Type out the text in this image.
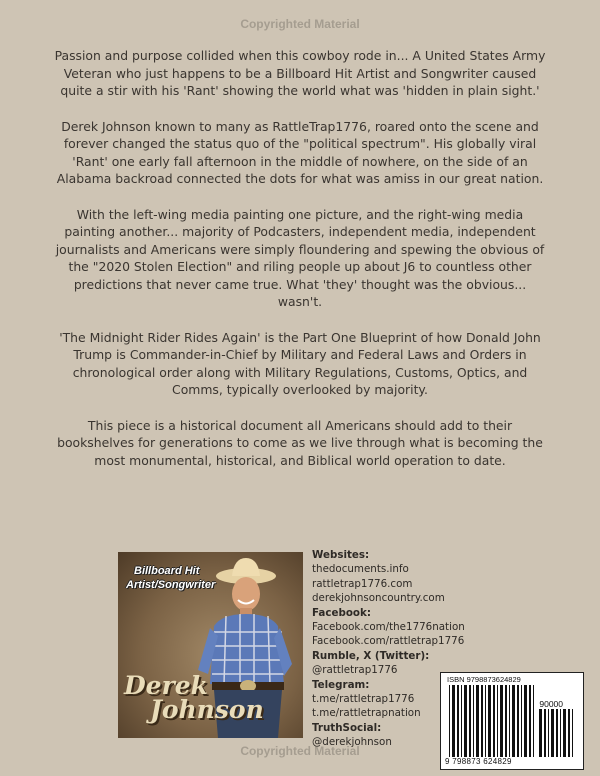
Copyrighted Material

Passion and purpose collided when this cowboy rode in... A United States Army Veteran who just happens to be a Billboard Hit Artist and Songwriter caused quite a stir with his 'Rant' showing the world what was 'hidden in plain sight.'

Derek Johnson known to many as RattleTrap1776, roared onto the scene and forever changed the status quo of the "political spectrum". His globally viral 'Rant' one early fall afternoon in the middle of nowhere, on the side of an Alabama backroad connected the dots for what was amiss in our great nation.

With the left-wing media painting one picture, and the right-wing media painting another... majority of Podcasters, independent media, independent journalists and Americans were simply floundering and spewing the obvious of the "2020 Stolen Election" and riling people up about J6 to countless other predictions that never came true. What 'they' thought was the obvious... wasn't.

'The Midnight Rider Rides Again' is the Part One Blueprint of how Donald John Trump is Commander-in-Chief by Military and Federal Laws and Orders in chronological order along with Military Regulations, Customs, Optics, and Comms, typically overlooked by majority.

This piece is a historical document all Americans should add to their bookshelves for generations to come as we live through what is becoming the most monumental, historical, and Biblical world operation to date.

Billboard Hit
Artist/Songwriter
Derek
Johnson
Websites:
thedocuments.info
rattletrap1776.com
derekjohnsoncountry.com
Facebook:
Facebook.com/the1776nation
Facebook.com/rattletrap1776
Rumble, X (Twitter):
@rattletrap1776
Telegram:
t.me/rattletrap1776
t.me/rattletrapnation
TruthSocial:
@derekjohnson
ISBN 9798873624829
90000
9 798873 624829
Copyrighted Material
